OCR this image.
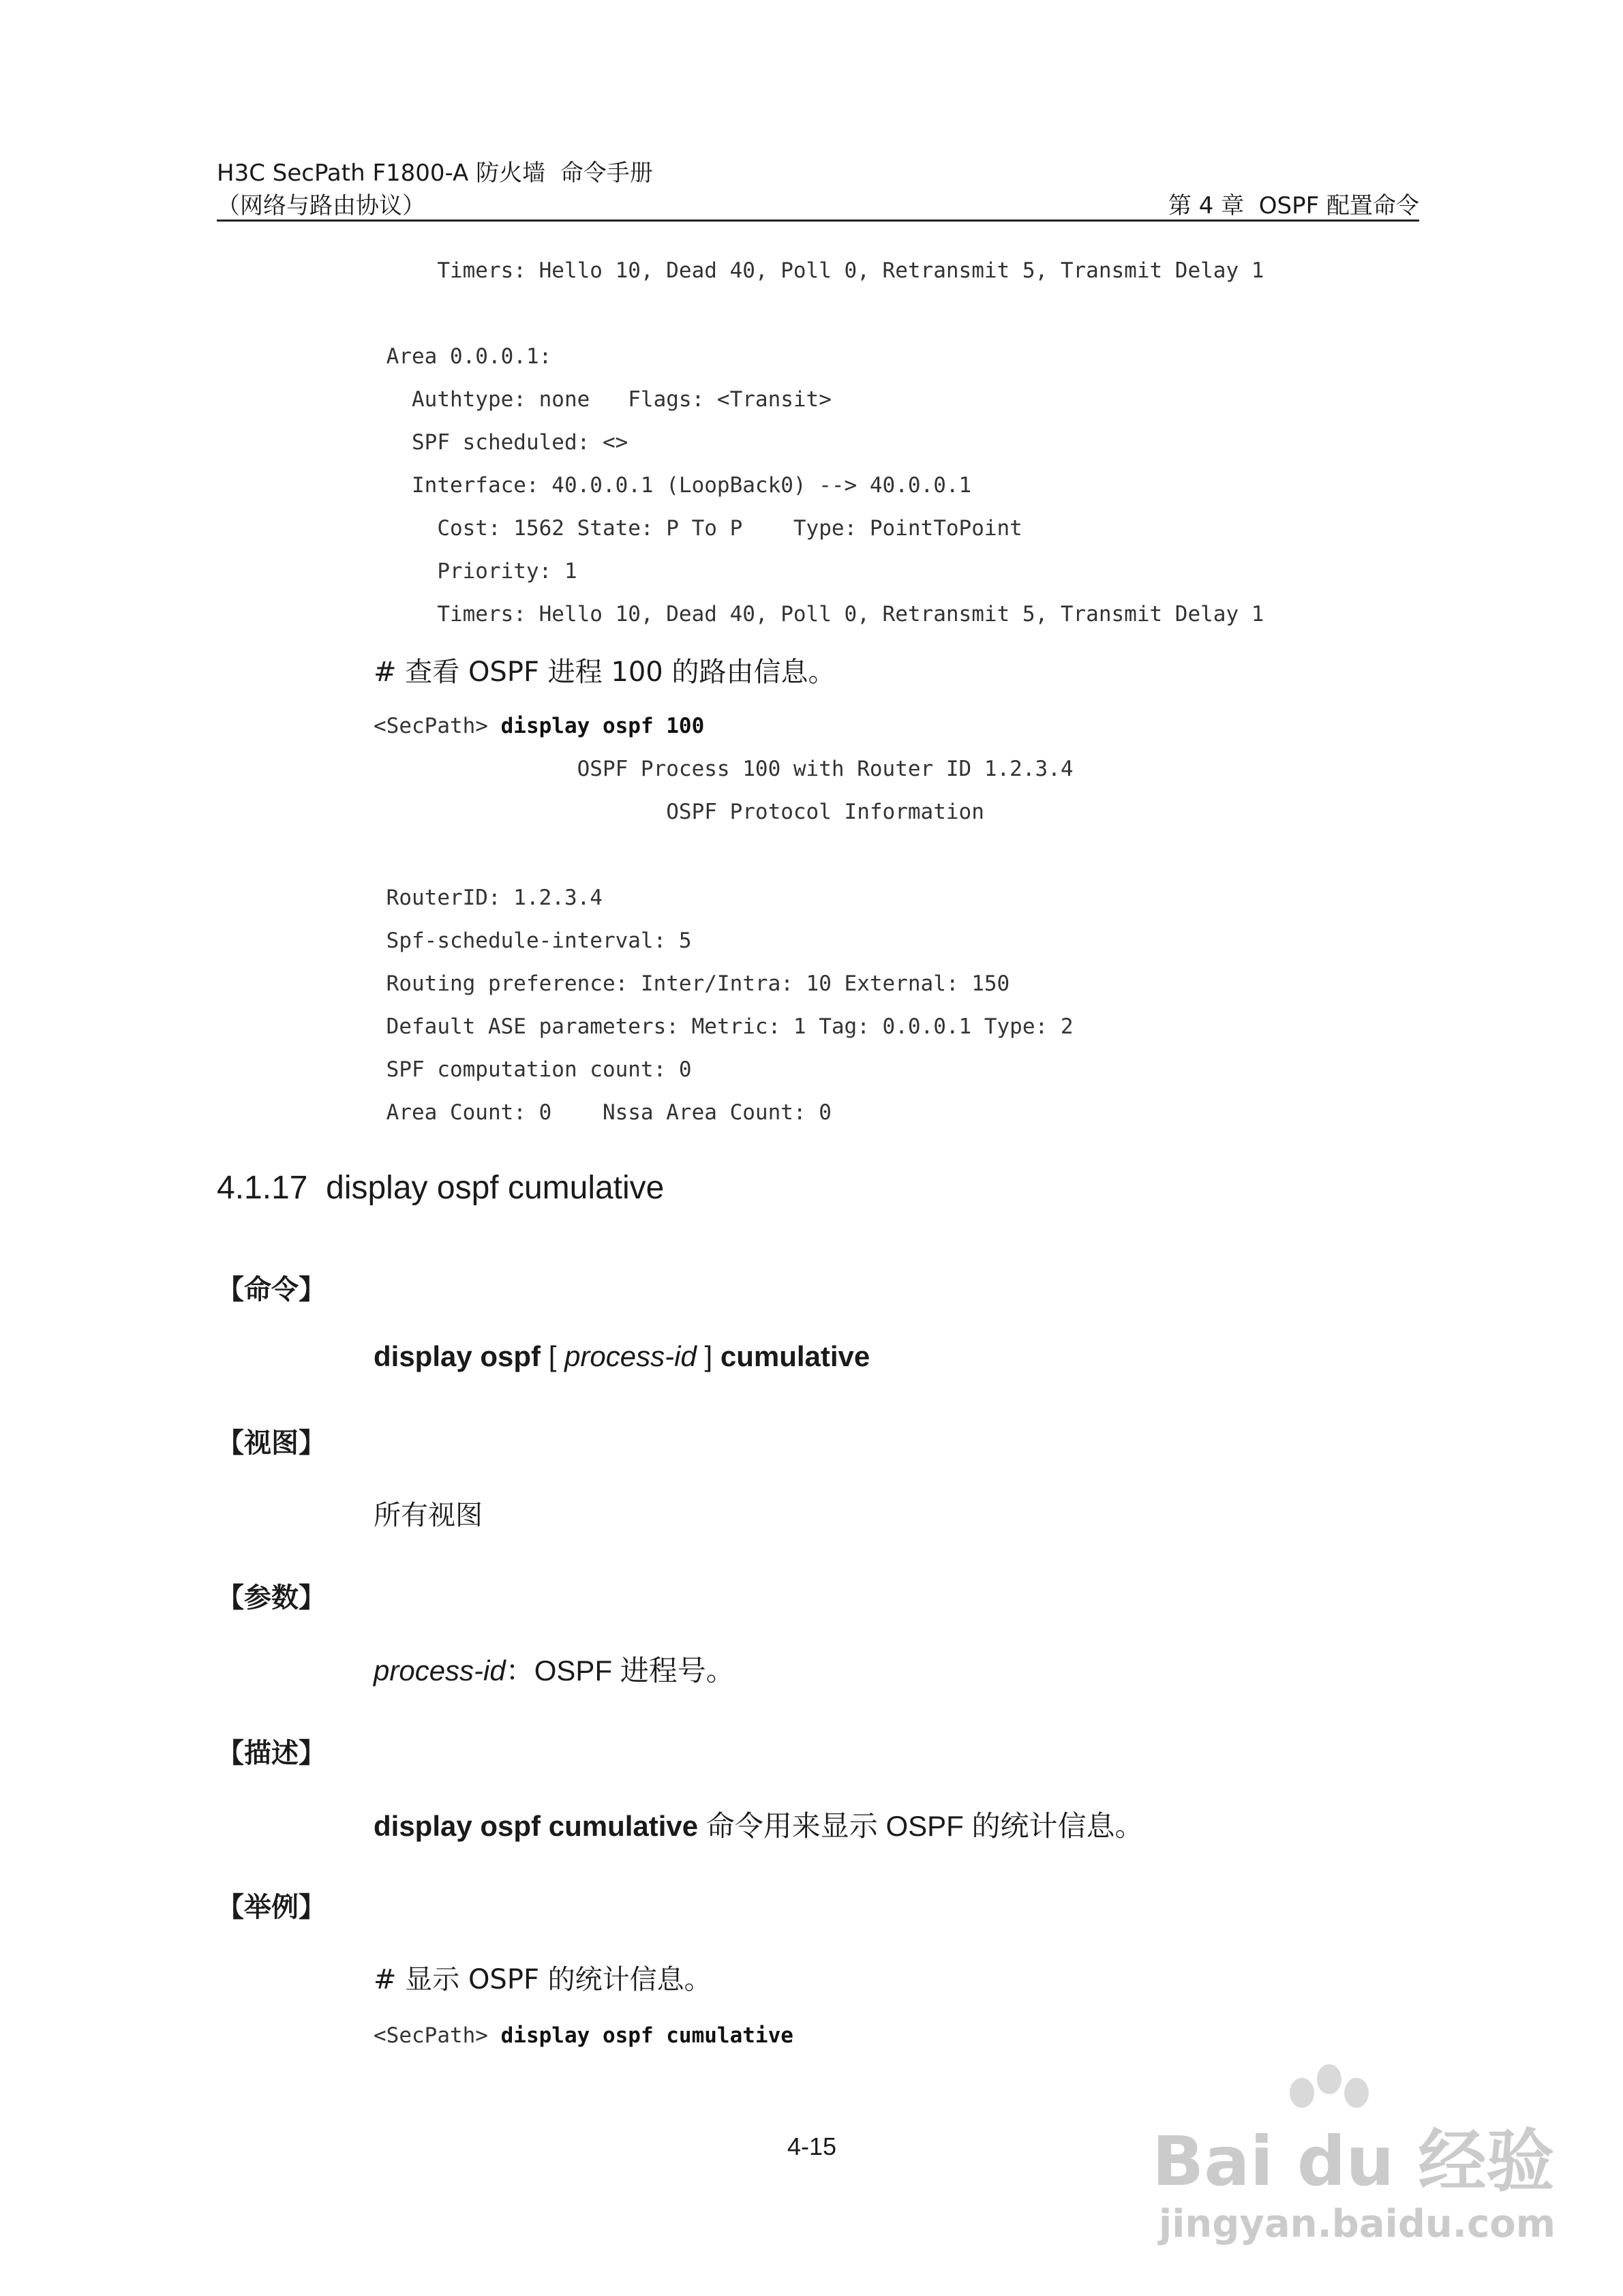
H3C SecPath F1800-A 防火墙  命令手册
（网络与路由协议）	第 4 章  OSPF 配置命令
Timers: Hello 10, Dead 40, Poll 0, Retransmit 5, Transmit Delay 1
Area 0.0.0.1:
Authtype: none   Flags: <Transit>
SPF scheduled: <>
Interface: 40.0.0.1 (LoopBack0) --> 40.0.0.1
Cost: 1562 State: P To P    Type: PointToPoint
Priority: 1
Timers: Hello 10, Dead 40, Poll 0, Retransmit 5, Transmit Delay 1
# 查看 OSPF 进程 100 的路由信息。
<SecPath> display ospf 100
OSPF Process 100 with Router ID 1.2.3.4
OSPF Protocol Information
RouterID: 1.2.3.4
Spf-schedule-interval: 5
Routing preference: Inter/Intra: 10 External: 150
Default ASE parameters: Metric: 1 Tag: 0.0.0.1 Type: 2
SPF computation count: 0
Area Count: 0    Nssa Area Count: 0
4.1.17 display ospf cumulative
【命令】
display ospf [ process-id ] cumulative
【视图】
所有视图
【参数】
process-id：OSPF 进程号。
【描述】
display ospf cumulative 命令用来显示 OSPF 的统计信息。
【举例】
# 显示 OSPF 的统计信息。
<SecPath> display ospf cumulative
4-15	Bai du 经验
jingyan.baidu.com
